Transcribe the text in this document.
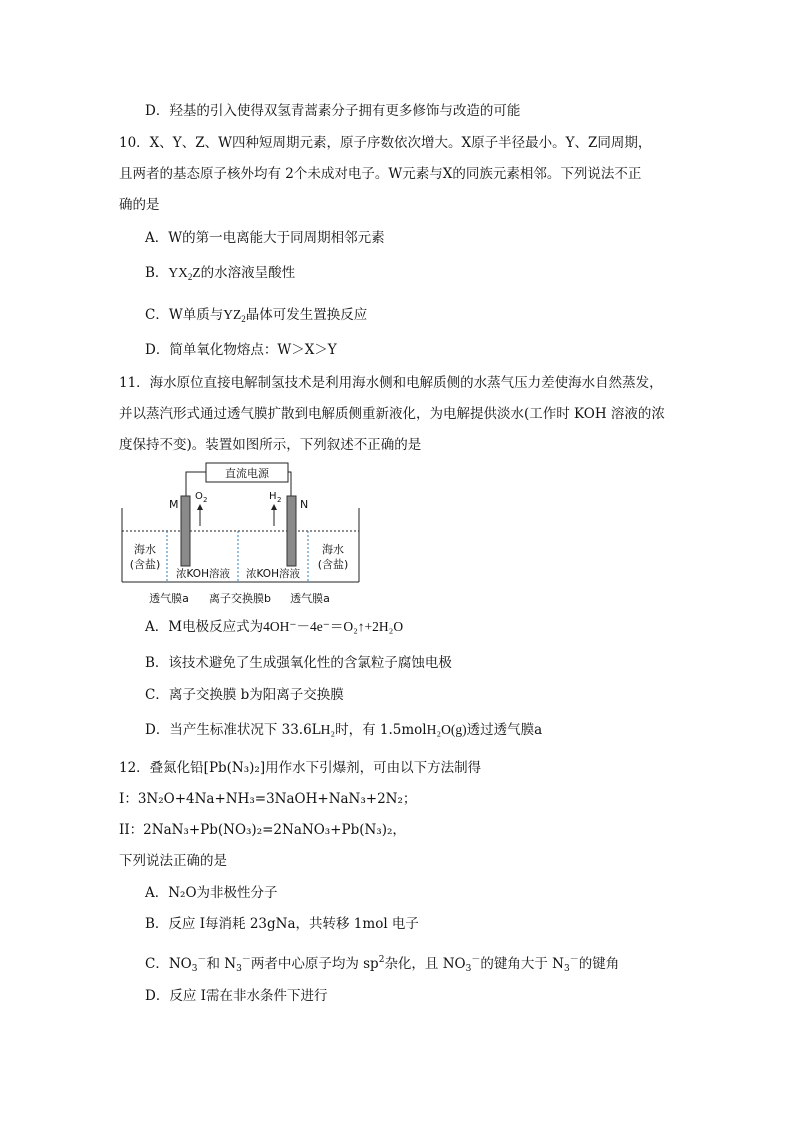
D．羟基的引入使得双氢青蒿素分子拥有更多修饰与改造的可能
10．X、Y、Z、W四种短周期元素，原子序数依次增大。X原子半径最小。Y、Z同周期，
且两者的基态原子核外均有 2个未成对电子。W元素与X的同族元素相邻。下列说法不正
确的是
A．W的第一电离能大于同周期相邻元素
B．$YX_2Z$的水溶液呈酸性
C．W单质与$YZ_2$晶体可发生置换反应
D．简单氧化物熔点：W＞X＞Y
11．海水原位直接电解制氢技术是利用海水侧和电解质侧的水蒸气压力差使海水自然蒸发，
并以蒸汽形式通过透气膜扩散到电解质侧重新液化，为电解提供淡水(工作时 KOH 溶液的浓
度保持不变)。装置如图所示，下列叙述不正确的是
直流电源
M	N
O 2	H 2
海水
(含盐)
海水
(含盐)
浓KOH溶液 浓KOH溶液
透气膜a 离子交换膜b 透气膜a
A．M电极反应式为4OH⁻－4e⁻＝O₂↑+2H₂O
B．该技术避免了生成强氧化性的含氯粒子腐蚀电极
C．离子交换膜 b为阳离子交换膜
D．当产生标准状况下 33.6LH₂时，有 1.5molH₂O(g)透过透气膜a
12．叠氮化铅[Pb(N₃)₂]用作水下引爆剂，可由以下方法制得
I：3N₂O+4Na+NH₃=3NaOH+NaN₃+2N₂；
II：2NaN₃+Pb(NO₃)₂=2NaNO₃+Pb(N₃)₂，
下列说法正确的是
A．N₂O为非极性分子
B．反应 I每消耗 23gNa，共转移 1mol 电子
C．$NO_3^-$和 $N_3^-$两者中心原子均为 $sp^2$杂化，且 $NO_3^-$的键角大于 $N_3^-$的键角
D．反应 I需在非水条件下进行
